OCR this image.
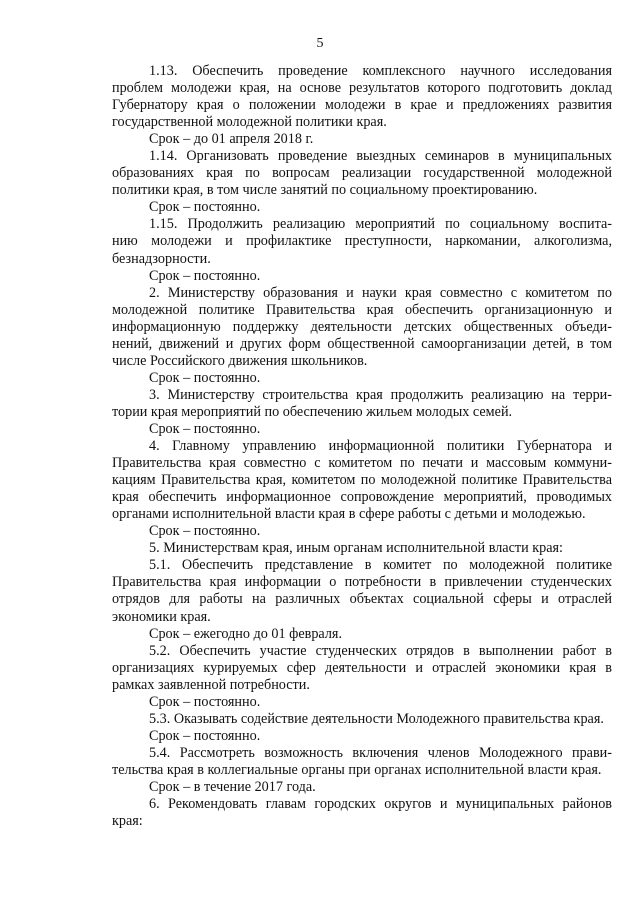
5

1.13. Обеспечить проведение комплексного научного исследования
проблем молодежи края, на основе результатов которого подготовить доклад
Губернатору края о положении молодежи в крае и предложениях развития
государственной молодежной политики края.

Срок – до 01 апреля 2018 г.

1.14. Организовать проведение выездных семинаров в муниципальных
образованиях края по вопросам реализации государственной молодежной
политики края, в том числе занятий по социальному проектированию.

Срок – постоянно.

1.15. Продолжить реализацию мероприятий по социальному воспита-
нию молодежи и профилактике преступности, наркомании, алкоголизма,
безнадзорности.

Срок – постоянно.

2. Министерству образования и науки края совместно с комитетом по
молодежной политике Правительства края обеспечить организационную и
информационную поддержку деятельности детских общественных объеди-
нений, движений и других форм общественной самоорганизации детей, в том
числе Российского движения школьников.

Срок – постоянно.

3. Министерству строительства края продолжить реализацию на терри-
тории края мероприятий по обеспечению жильем молодых семей.

Срок – постоянно.

4. Главному управлению информационной политики Губернатора и
Правительства края совместно с комитетом по печати и массовым коммуни-
кациям Правительства края, комитетом по молодежной политике Правительства
края обеспечить информационное сопровождение мероприятий, проводимых
органами исполнительной власти края в сфере работы с детьми и молодежью.

Срок – постоянно.

5. Министерствам края, иным органам исполнительной власти края:

5.1. Обеспечить представление в комитет по молодежной политике
Правительства края информации о потребности в привлечении студенческих
отрядов для работы на различных объектах социальной сферы и отраслей
экономики края.

Срок – ежегодно до 01 февраля.

5.2. Обеспечить участие студенческих отрядов в выполнении работ в
организациях курируемых сфер деятельности и отраслей экономики края в
рамках заявленной потребности.

Срок – постоянно.

5.3. Оказывать содействие деятельности Молодежного правительства края.

Срок – постоянно.

5.4. Рассмотреть возможность включения членов Молодежного прави-
тельства края в коллегиальные органы при органах исполнительной власти края.

Срок – в течение 2017 года.

6. Рекомендовать главам городских округов и муниципальных районов
края:
